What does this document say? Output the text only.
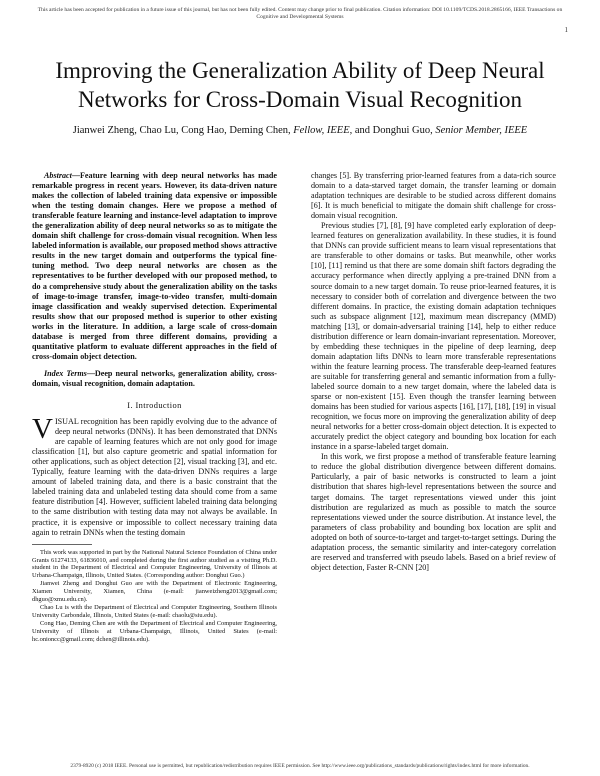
This article has been accepted for publication in a future issue of this journal, but has not been fully edited. Content may change prior to final publication. Citation information: DOI 10.1109/TCDS.2018.2865166, IEEE Transactions on Cognitive and Developmental Systems
1
Improving the Generalization Ability of Deep Neural Networks for Cross-Domain Visual Recognition
Jianwei Zheng, Chao Lu, Cong Hao, Deming Chen, Fellow, IEEE, and Donghui Guo, Senior Member, IEEE

Abstract—Feature learning with deep neural networks has made remarkable progress in recent years. However, its data-driven nature makes the collection of labeled training data expensive or impossible when the testing domain changes. Here we propose a method of transferable feature learning and instance-level adaptation to improve the generalization ability of deep neural networks so as to mitigate the domain shift challenge for cross-domain visual recognition. When less labeled information is available, our proposed method shows attractive results in the new target domain and outperforms the typical fine-tuning method. Two deep neural networks are chosen as the representatives to be further developed with our proposed method, to do a comprehensive study about the generalization ability on the tasks of image-to-image transfer, image-to-video transfer, multi-domain image classification and weakly supervised detection. Experimental results show that our proposed method is superior to other existing works in the literature. In addition, a large scale of cross-domain database is merged from three different domains, providing a quantitative platform to evaluate different approaches in the field of cross-domain object detection.

Index Terms—Deep neural networks, generalization ability, cross-domain, visual recognition, domain adaptation.

I. Introduction

VISUAL recognition has been rapidly evolving due to the advance of deep neural networks (DNNs). It has been demonstrated that DNNs are capable of learning features which are not only good for image classification [1], but also capture geometric and spatial information for other applications, such as object detection [2], visual tracking [3], and etc. Typically, feature learning with the data-driven DNNs requires a large amount of labeled training data, and there is a basic constraint that the labeled training data and unlabeled testing data should come from a same feature distribution [4]. However, sufficient labeled training data belonging to the same distribution with testing data may not always be available. In practice, it is expensive or impossible to collect necessary training data again to retrain DNNs when the testing domain

This work was supported in part by the National Natural Science Foundation of China under Grants 61274133, 61836010, and completed during the first author studied as a visiting Ph.D. student in the Department of Electrical and Computer Engineering, University of Illinois at Urbana-Champaign, Illinois, United States. (Corresponding author: Donghui Guo.)

Jianwei Zheng and Donghui Guo are with the Department of Electronic Engineering, Xiamen University, Xiamen, China (e-mail: jianweizheng2013@gmail.com; dhguo@xmu.edu.cn).

Chao Lu is with the Department of Electrical and Computer Engineering, Southern Illinois University Carbondale, Illinois, United States (e-mail: chaolu@siu.edu).

Cong Hao, Deming Chen are with the Department of Electrical and Computer Engineering, University of Illinois at Urbana-Champaign, Illinois, United States (e-mail: hc.onioncc@gmail.com; dchen@illinois.edu).

changes [5]. By transferring prior-learned features from a data-rich source domain to a data-starved target domain, the transfer learning or domain adaptation techniques are desirable to be studied across different domains [6]. It is much beneficial to mitigate the domain shift challenge for cross-domain visual recognition.

Previous studies [7], [8], [9] have completed early exploration of deep-learned features on generalization availability. In these studies, it is found that DNNs can provide sufficient means to learn visual representations that are transferable to other domains or tasks. But meanwhile, other works [10], [11] remind us that there are some domain shift factors degrading the accuracy performance when directly applying a pre-trained DNN from a source domain to a new target domain. To reuse prior-learned features, it is necessary to consider both of correlation and divergence between the two different domains. In practice, the existing domain adaptation techniques such as subspace alignment [12], maximum mean discrepancy (MMD) matching [13], or domain-adversarial training [14], help to either reduce distribution difference or learn domain-invariant representation. Moreover, by embedding these techniques in the pipeline of deep learning, deep domain adaptation lifts DNNs to learn more transferable representations within the feature learning process. The transferable deep-learned features are suitable for transferring general and semantic information from a fully-labeled source domain to a new target domain, where the labeled data is sparse or non-existent [15]. Even though the transfer learning between domains has been studied for various aspects [16], [17], [18], [19] in visual recognition, we focus more on improving the generalization ability of deep neural networks for a better cross-domain object detection. It is expected to accurately predict the object category and bounding box location for each instance in a sparse-labeled target domain.

In this work, we first propose a method of transferable feature learning to reduce the global distribution divergence between different domains. Particularly, a pair of basic networks is constructed to learn a joint distribution that shares high-level representations between the source and target domains. The target representations viewed under this joint distribution are regularized as much as possible to match the source representations viewed under the source distribution. At instance level, the parameters of class probability and bounding box location are split and adopted on both of source-to-target and target-to-target settings. During the adaptation process, the semantic similarity and inter-category correlation are reserved and transferred with pseudo labels. Based on a brief review of object detection, Faster R-CNN [20]

2379-8920 (c) 2018 IEEE. Personal use is permitted, but republication/redistribution requires IEEE permission. See http://www.ieee.org/publications_standards/publications/rights/index.html for more information.
